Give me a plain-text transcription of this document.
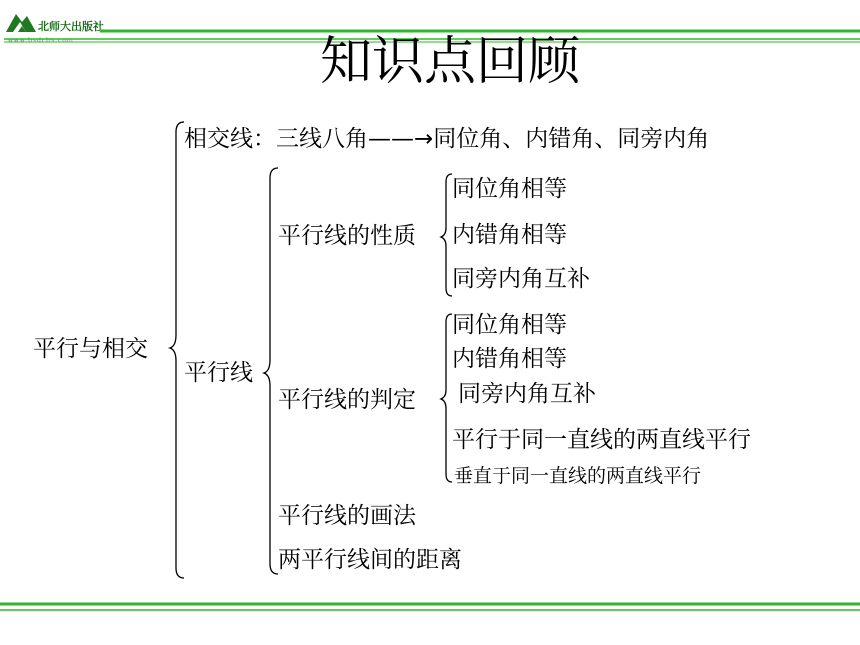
北师大出版社
www.bsdcbs.com	知识点回顾
平行与相交
相交线：三线八角——→同位角、内错角、同旁内角
平行线
平行线的性质
同位角相等
内错角相等
同旁内角互补
平行线的判定
同位角相等
内错角相等
同旁内角互补
平行于同一直线的两直线平行
垂直于同一直线的两直线平行
平行线的画法
两平行线间的距离
